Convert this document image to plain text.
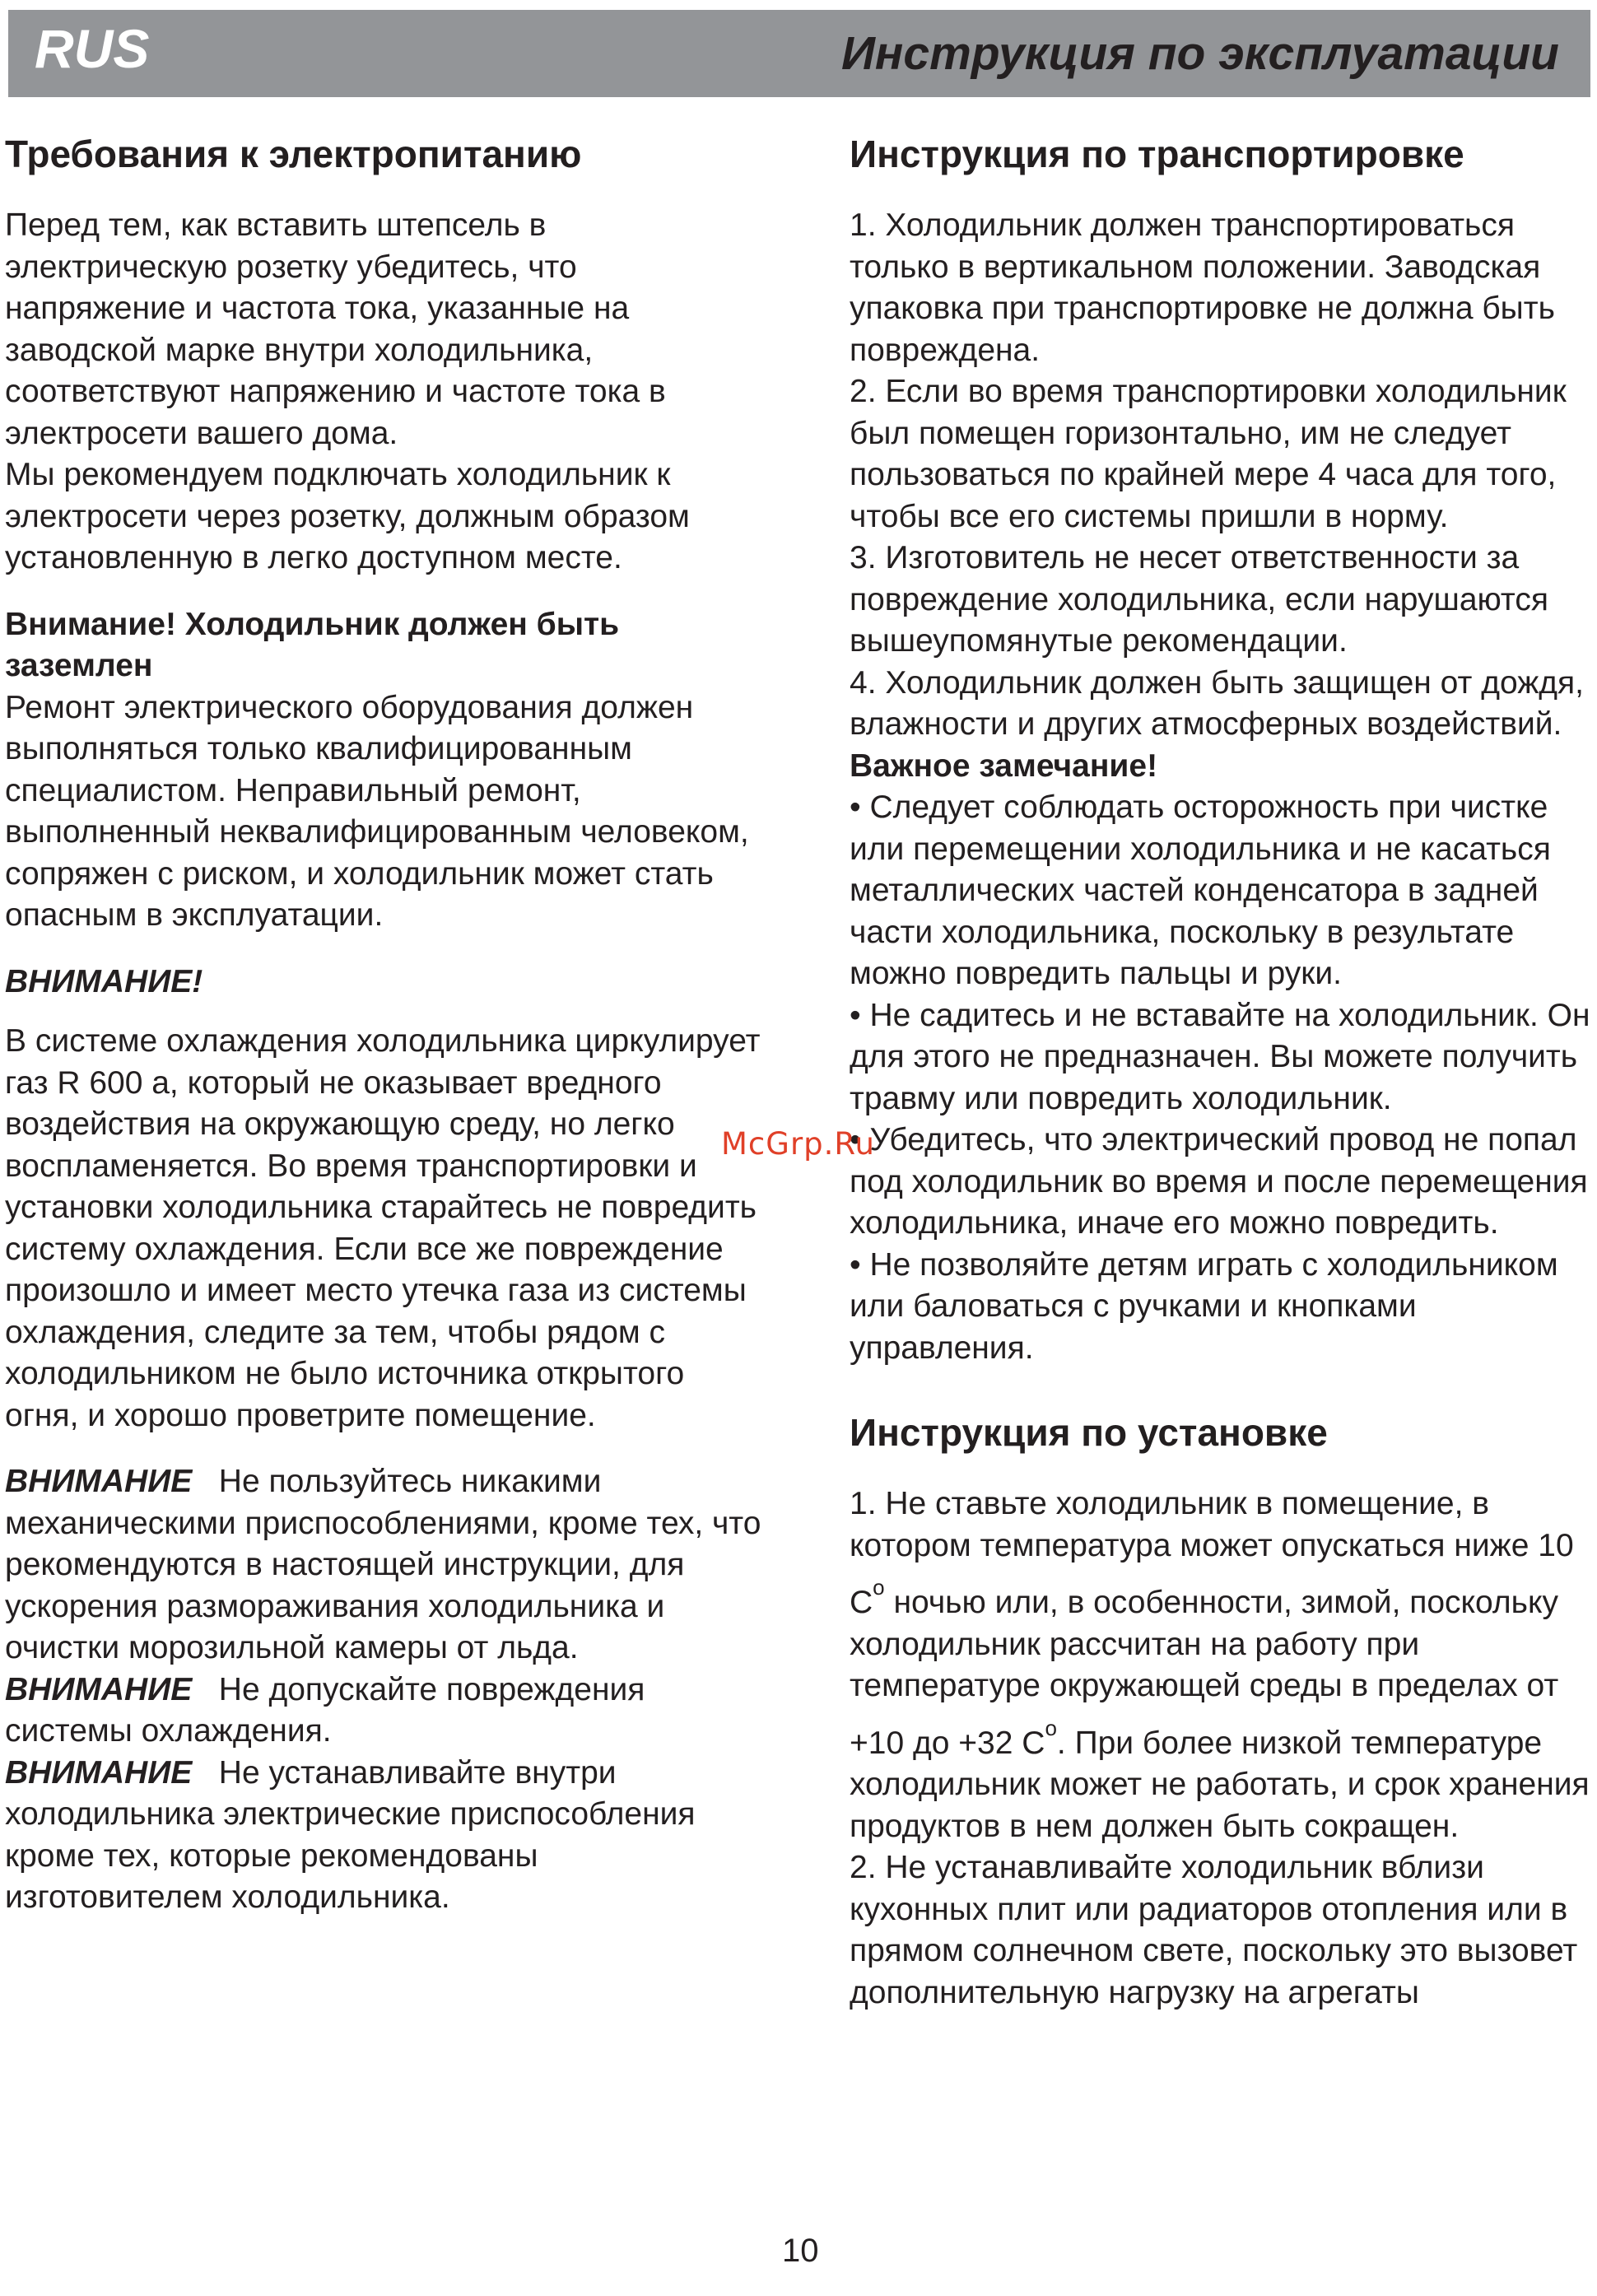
RUS	Инструкция по эксплуатации
Требования к электропитанию

Перед тем, как вставить штепсель в электрическую розетку убедитесь, что напряжение и частота тока, указанные на заводской марке внутри холодильника, соответствуют напряжению и частоте тока в электросети вашего дома.

Мы рекомендуем подключать холодильник к электросети через розетку, должным образом установленную в легко доступном месте.

Внимание! Холодильник должен быть заземлен

Ремонт электрического оборудования должен выполняться только квалифицированным специалистом. Неправильный ремонт, выполненный неквалифицированным человеком, сопряжен с риском, и холодильник может стать опасным в эксплуатации.

ВНИМАНИЕ!

В системе охлаждения холодильника циркулирует газ R 600 a, который не оказывает вредного воздействия на окружающую среду, но легко воспламеняется. Во время транспортировки и установки холодильника старайтесь не повредить систему охлаждения. Если все же повреждение произошло и имеет место утечка газа из системы охлаждения, следите за тем, чтобы рядом с холодильником не было источника открытого огня, и хорошо проветрите помещение.

ВНИМАНИЕ Не пользуйтесь никакими механическими приспособлениями, кроме тех, что рекомендуются в настоящей инструкции, для ускорения размораживания холодильника и очистки морозильной камеры от льда.

ВНИМАНИЕ Не допускайте повреждения системы охлаждения.

ВНИМАНИЕ Не устанавливайте внутри холодильника электрические приспособления кроме тех, которые рекомендованы изготовителем холодильника.

Инструкция по транспортировке

1. Холодильник должен транспортироваться только в вертикальном положении. Заводская упаковка при транспортировке не должна быть повреждена.

2. Если во время транспортировки холодильник был помещен горизонтально, им не следует пользоваться по крайней мере 4 часа для того, чтобы все его системы пришли в норму.

3. Изготовитель не несет ответственности за повреждение холодильника, если нарушаются вышеупомянутые рекомендации.

4. Холодильник должен быть защищен от дождя, влажности и других атмосферных воздействий.

Важное замечание!

• Следует соблюдать осторожность при чистке или перемещении холодильника и не касаться металлических частей конденсатора в задней части холодильника, поскольку в результате можно повредить пальцы и руки.

• Не садитесь и не вставайте на холодильник. Он для этого не предназначен. Вы можете получить травму или повредить холодильник.

• Убедитесь, что электрический провод не попал под холодильник во время и после перемещения холодильника, иначе его можно повредить.

• Не позволяйте детям играть с холодильником или баловаться с ручками и кнопками управления.

Инструкция по установке

1. Не ставьте холодильник в помещение, в котором температура может опускаться ниже 10 $C^o$ ночью или, в особенности, зимой, поскольку холодильник рассчитан на работу при температуре окружающей среды в пределах от +10 до +32 $C^o$. При более низкой температуре холодильник может не работать, и срок хранения продуктов в нем должен быть сокращен.

2. Не устанавливайте холодильник вблизи кухонных плит или радиаторов отопления или в прямом солнечном свете, поскольку это вызовет дополнительную нагрузку на агрегаты

McGrp.Ru
10
